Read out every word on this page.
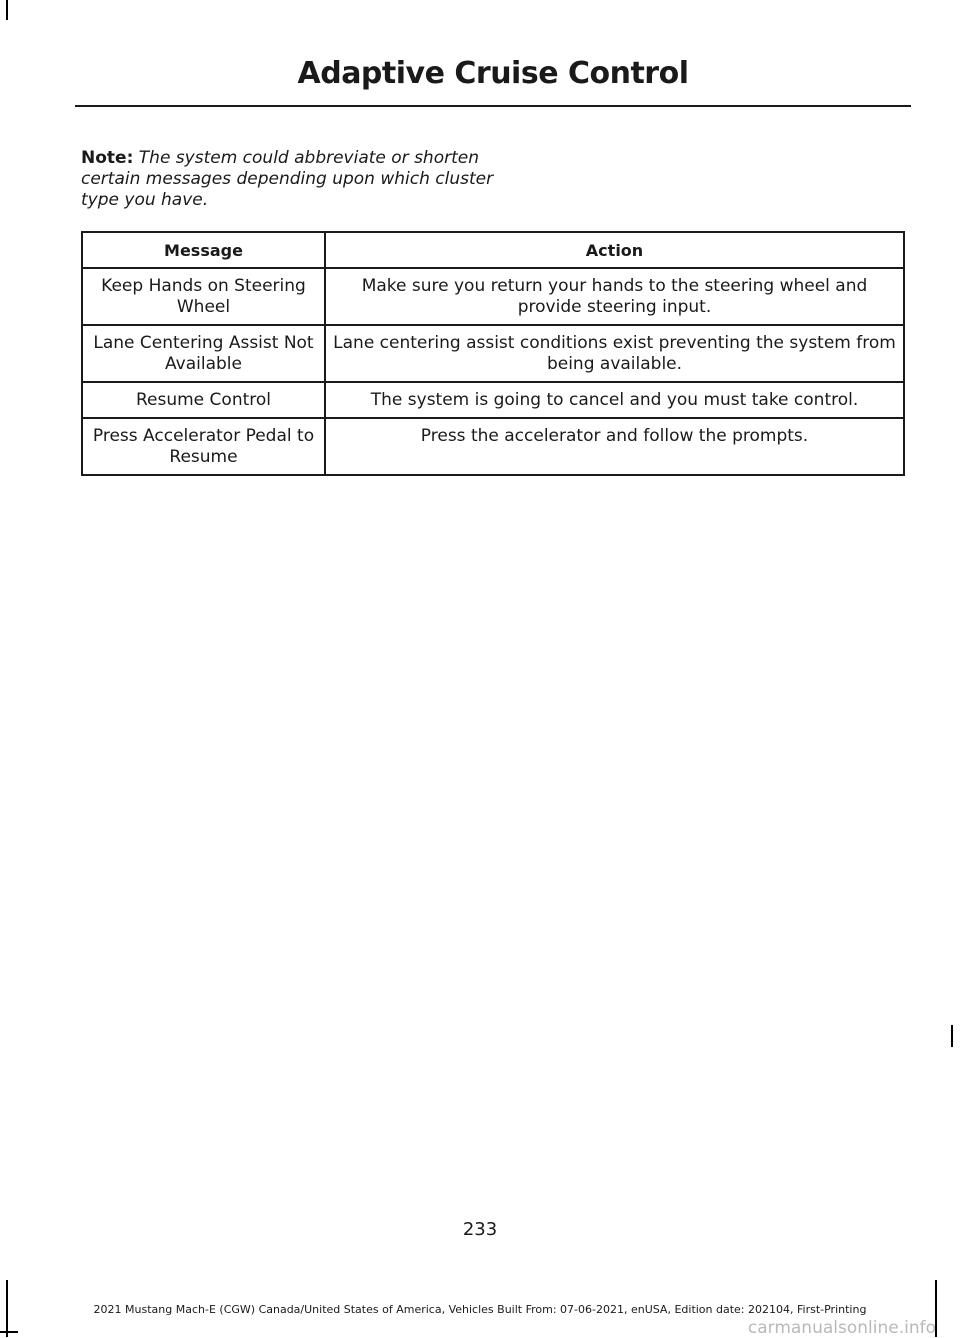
Adaptive Cruise Control
Note: The system could abbreviate or shorten certain messages depending upon which cluster type you have.
Message	Action
Keep Hands on Steering Wheel	Make sure you return your hands to the steering wheel and provide steering input.
Lane Centering Assist Not Available	Lane centering assist conditions exist preventing the system from being available.
Resume Control	The system is going to cancel and you must take control.
Press Accelerator Pedal to Resume	Press the accelerator and follow the prompts.
233
2021 Mustang Mach-E (CGW) Canada/United States of America, Vehicles Built From: 07-06-2021, enUSA, Edition date: 202104, First-Printing
carmanualsonline.info
